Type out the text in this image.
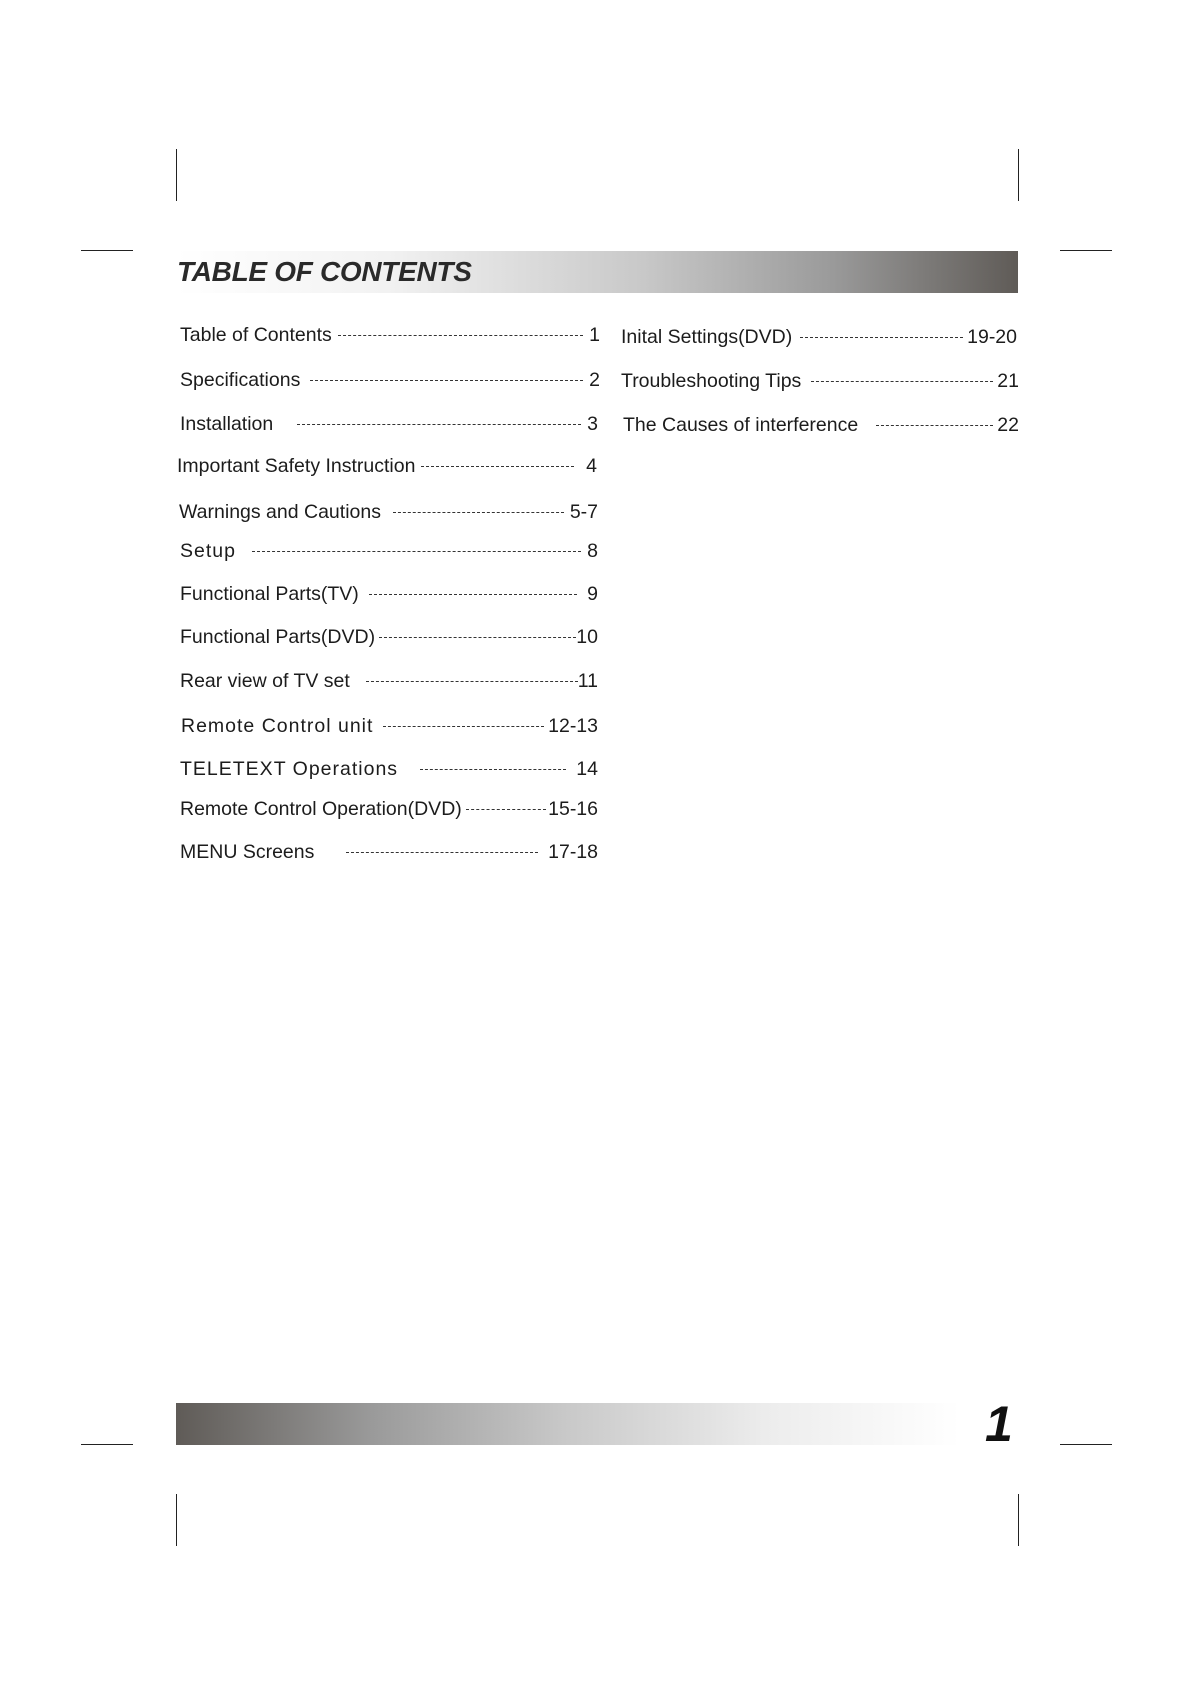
TABLE OF CONTENTS
Table of Contents	1
Specifications	2
Installation	3
Important Safety Instruction	4
Warnings and Cautions	5-7
Setup	8
Functional Parts(TV)	9
Functional Parts(DVD)	10
Rear view of TV set	11
Remote Control unit	12-13
TELETEXT Operations	14
Remote Control Operation(DVD)	15-16
MENU Screens	17-18
Inital Settings(DVD)	19-20
Troubleshooting Tips	21
The Causes of interference	22
1
